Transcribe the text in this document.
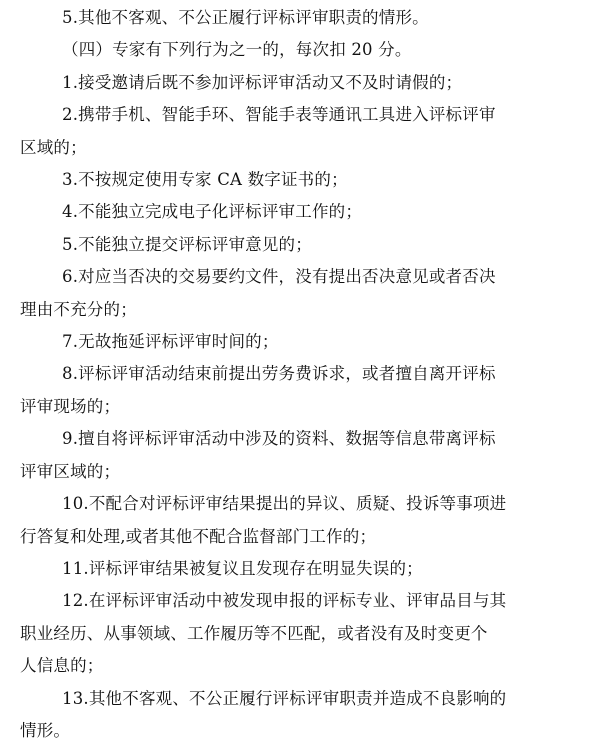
5.其他不客观、不公正履行评标评审职责的情形。
（四）专家有下列行为之一的，每次扣 20 分。
1.接受邀请后既不参加评标评审活动又不及时请假的；
2.携带手机、智能手环、智能手表等通讯工具进入评标评审
区域的；
3.不按规定使用专家 CA 数字证书的；
4.不能独立完成电子化评标评审工作的；
5.不能独立提交评标评审意见的；
6.对应当否决的交易要约文件，没有提出否决意见或者否决
理由不充分的；
7.无故拖延评标评审时间的；
8.评标评审活动结束前提出劳务费诉求，或者擅自离开评标
评审现场的；
9.擅自将评标评审活动中涉及的资料、数据等信息带离评标
评审区域的；
10.不配合对评标评审结果提出的异议、质疑、投诉等事项进
行答复和处理,或者其他不配合监督部门工作的；
11.评标评审结果被复议且发现存在明显失误的；
12.在评标评审活动中被发现申报的评标专业、评审品目与其
职业经历、从事领域、工作履历等不匹配，或者没有及时变更个
人信息的；
13.其他不客观、不公正履行评标评审职责并造成不良影响的
情形。
